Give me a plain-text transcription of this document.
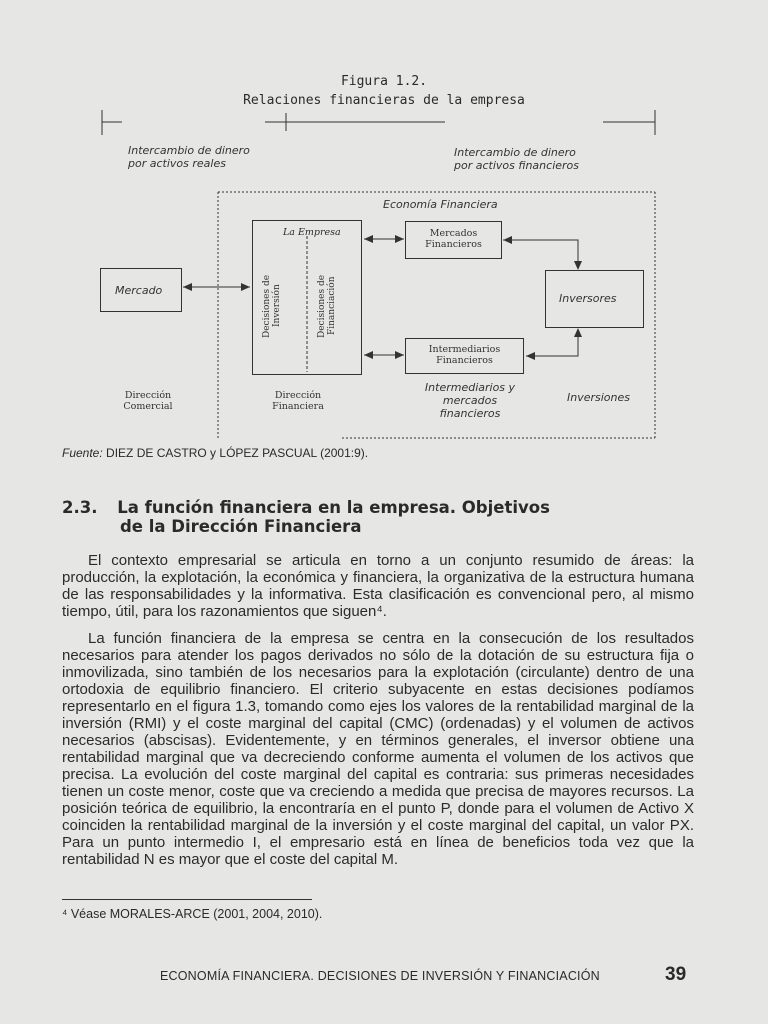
Figura 1.2.
Relaciones financieras de la empresa
Intercambio de dinero
por activos reales
Intercambio de dinero
por activos financieros
Economía Financiera
Mercado
La Empresa
Decisiones de Inversión	Decisiones de Financiación
Mercados
Financieros
Intermediarios
Financieros
Inversores
Dirección
Comercial
Dirección
Financiera
Intermediarios y
mercados
financieros
Inversiones
Fuente: DIEZ DE CASTRO y LÓPEZ PASCUAL (2001:9).
2.3. La función financiera en la empresa. Objetivos
de la Dirección Financiera
El contexto empresarial se articula en torno a un conjunto resumido de áreas: la producción, la explotación, la económica y financiera, la organizativa de la estructura humana de las responsabilidades y la informativa. Esta clasificación es convencional pero, al mismo tiempo, útil, para los razonamientos que siguen⁴.
La función financiera de la empresa se centra en la consecución de los resultados necesarios para atender los pagos derivados no sólo de la dotación de su estructura fija o inmovilizada, sino también de los necesarios para la explotación (circulante) dentro de una ortodoxia de equilibrio financiero. El criterio subyacente en estas decisiones podíamos representarlo en el figura 1.3, tomando como ejes los valores de la rentabilidad marginal de la inversión (RMI) y el coste marginal del capital (CMC) (ordenadas) y el volumen de activos necesarios (abscisas). Evidentemente, y en términos generales, el inversor obtiene una rentabilidad marginal que va decreciendo conforme aumenta el volumen de los activos que precisa. La evolución del coste marginal del capital es contraria: sus primeras necesidades tienen un coste menor, coste que va creciendo a medida que precisa de mayores recursos. La posición teórica de equilibrio, la encontraría en el punto P, donde para el volumen de Activo X coinciden la rentabilidad marginal de la inversión y el coste marginal del capital, un valor PX. Para un punto intermedio I, el empresario está en línea de beneficios toda vez que la rentabilidad N es mayor que el coste del capital M.
⁴ Véase MORALES-ARCE (2001, 2004, 2010).
ECONOMÍA FINANCIERA. DECISIONES DE INVERSIÓN Y FINANCIACIÓN	39
